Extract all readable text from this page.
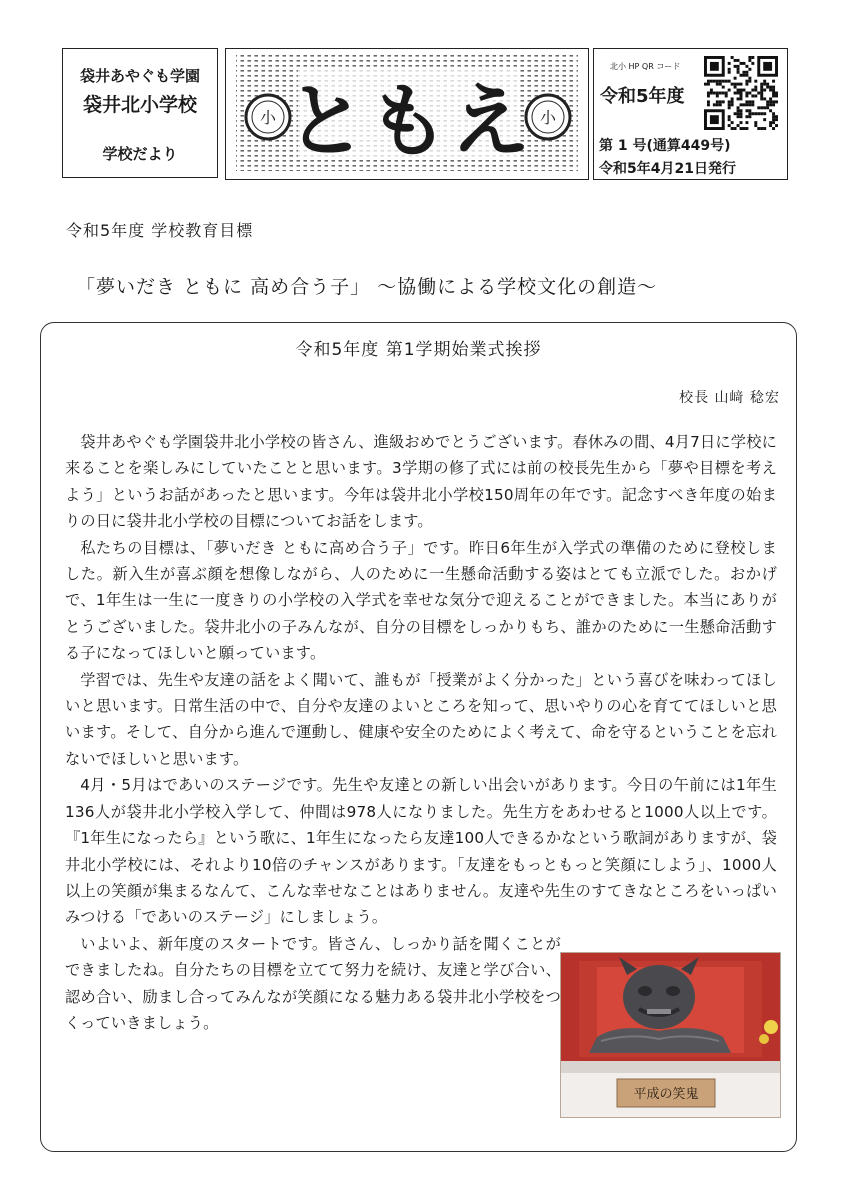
袋井あやぐも学園
袋井北小学校
学校だより
小	小
ともえ
北小 HP QR コード
令和5年度
第 1 号(通算449号)
令和5年4月21日発行
令和5年度 学校教育目標
「夢いだき ともに 高め合う子」 ～協働による学校文化の創造～
令和5年度 第1学期始業式挨拶
校長 山﨑 稔宏

袋井あやぐも学園袋井北小学校の皆さん、進級おめでとうございます。春休みの間、4月7日に学校に来ることを楽しみにしていたことと思います。3学期の修了式には前の校長先生から「夢や目標を考えよう」というお話があったと思います。今年は袋井北小学校150周年の年です。記念すべき年度の始まりの日に袋井北小学校の目標についてお話をします。

私たちの目標は、「夢いだき ともに高め合う子」です。昨日6年生が入学式の準備のために登校しました。新入生が喜ぶ顔を想像しながら、人のために一生懸命活動する姿はとても立派でした。おかげで、1年生は一生に一度きりの小学校の入学式を幸せな気分で迎えることができました。本当にありがとうございました。袋井北小の子みんなが、自分の目標をしっかりもち、誰かのために一生懸命活動する子になってほしいと願っています。

学習では、先生や友達の話をよく聞いて、誰もが「授業がよく分かった」という喜びを味わってほしいと思います。日常生活の中で、自分や友達のよいところを知って、思いやりの心を育ててほしいと思います。そして、自分から進んで運動し、健康や安全のためによく考えて、命を守るということを忘れないでほしいと思います。

4月・5月はであいのステージです。先生や友達との新しい出会いがあります。今日の午前には1年生136人が袋井北小学校入学して、仲間は978人になりました。先生方をあわせると1000人以上です。『1年生になったら』という歌に、1年生になったら友達100人できるかなという歌詞がありますが、袋井北小学校には、それより10倍のチャンスがあります。「友達をもっともっと笑顔にしよう」、1000人以上の笑顔が集まるなんて、こんな幸せなことはありません。友達や先生のすてきなところをいっぱいみつける「であいのステージ」にしましょう。

いよいよ、新年度のスタートです。皆さん、しっかり話を聞くことができましたね。自分たちの目標を立てて努力を続け、友達と学び合い、認め合い、励まし合ってみんなが笑顔になる魅力ある袋井北小学校をつくっていきましょう。

平成の笑鬼
